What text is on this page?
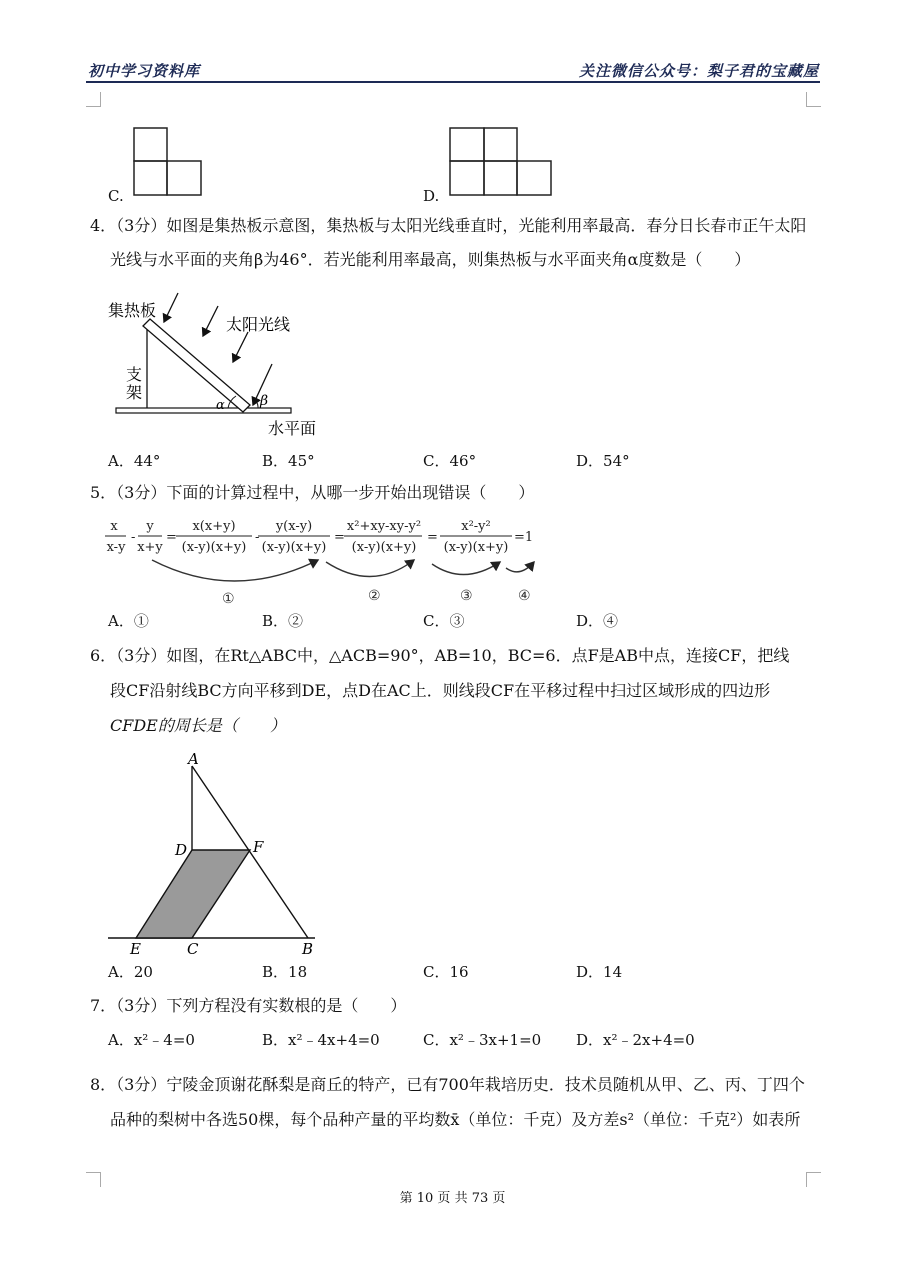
初中学习资料库	关注微信公众号：梨子君的宝藏屋
C.	D.
4．（3分）如图是集热板示意图，集热板与太阳光线垂直时，光能利用率最高．春分日长春市正午太阳
光线与水平面的夹角β为46°．若光能利用率最高，则集热板与水平面夹角α度数是（　　）
集热板
太阳光线
支
架
水平面
α	β
A．44°	B．45°	C．46°	D．54°
5．（3分）下面的计算过程中，从哪一步开始出现错误（　　）
x
x-y
-
y
x+y
=
x(x+y)
(x-y)(x+y)
-
y(x-y)
(x-y)(x+y)
=
x²+xy-xy-y²
(x-y)(x+y)
=
x²-y²
(x-y)(x+y)
=1
①	②	③	④
A．①	B．②	C．③	D．④
6．（3分）如图，在Rt△ABC中，△ACB=90°，AB=10，BC=6．点F是AB中点，连接CF，把线
段CF沿射线BC方向平移到DE，点D在AC上．则线段CF在平移过程中扫过区域形成的四边形
CFDE的周长是（　　）
A
D	F
E	C	B
A．20	B．18	C．16	D．14
7．（3分）下列方程没有实数根的是（　　）
A．x²﹣4=0	B．x²﹣4x+4=0	C．x²﹣3x+1=0 D．x²﹣2x+4=0
8．（3分）宁陵金顶谢花酥梨是商丘的特产，已有700年栽培历史．技术员随机从甲、乙、丙、丁四个
品种的梨树中各选50棵，每个品种产量的平均数x̄（单位：千克）及方差s²（单位：千克²）如表所
第 10 页 共 73 页
